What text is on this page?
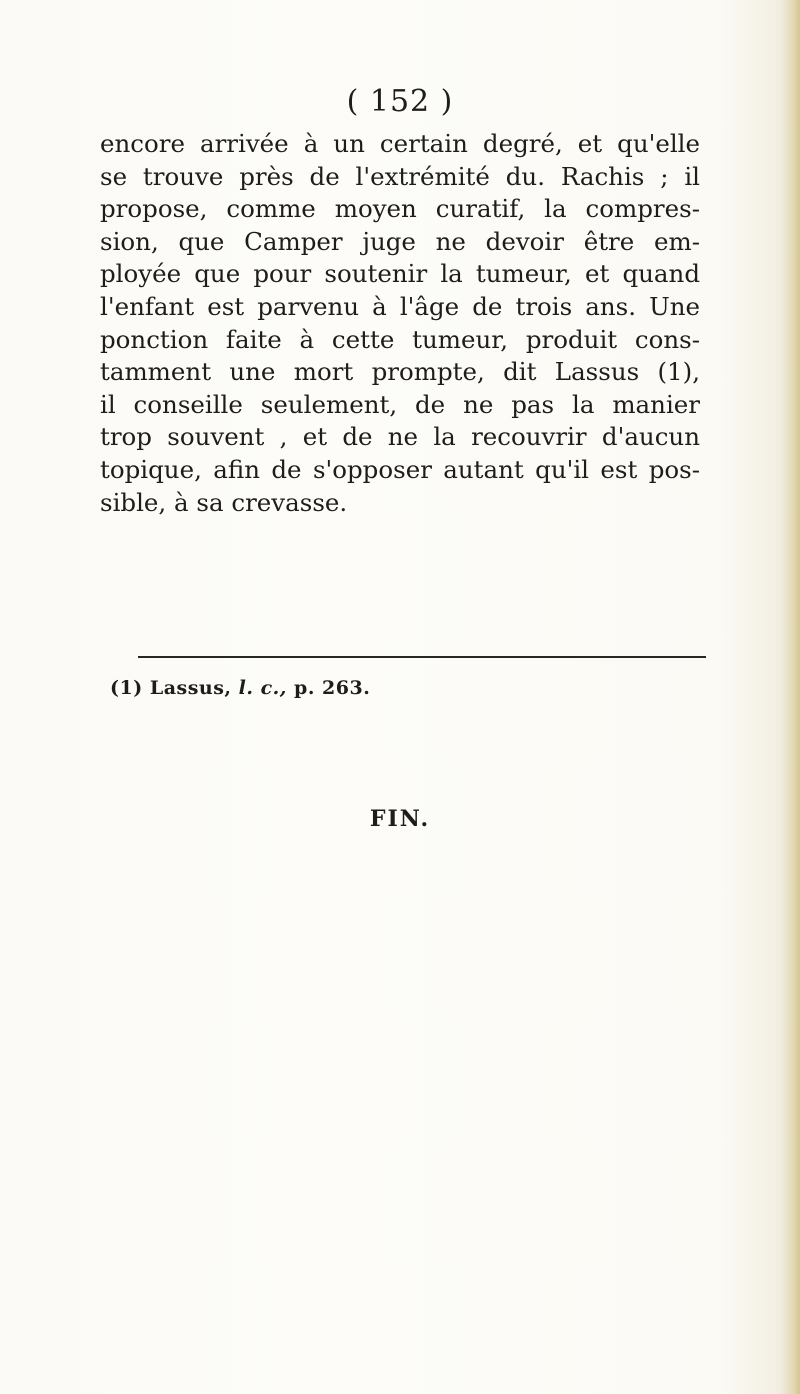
( 152 )
encore arrivée à un certain degré, et qu'elle
se trouve près de l'extrémité du. Rachis ; il
propose, comme moyen curatif, la compres-
sion, que Camper juge ne devoir être em-
ployée que pour soutenir la tumeur, et quand
l'enfant est parvenu à l'âge de trois ans. Une
ponction faite à cette tumeur, produit cons-
tamment une mort prompte, dit Lassus (1),
il conseille seulement, de ne pas la manier
trop souvent , et de ne la recouvrir d'aucun
topique, afin de s'opposer autant qu'il est pos-
sible, à sa crevasse.
(1) Lassus, l. c., p. 263.
FIN.
